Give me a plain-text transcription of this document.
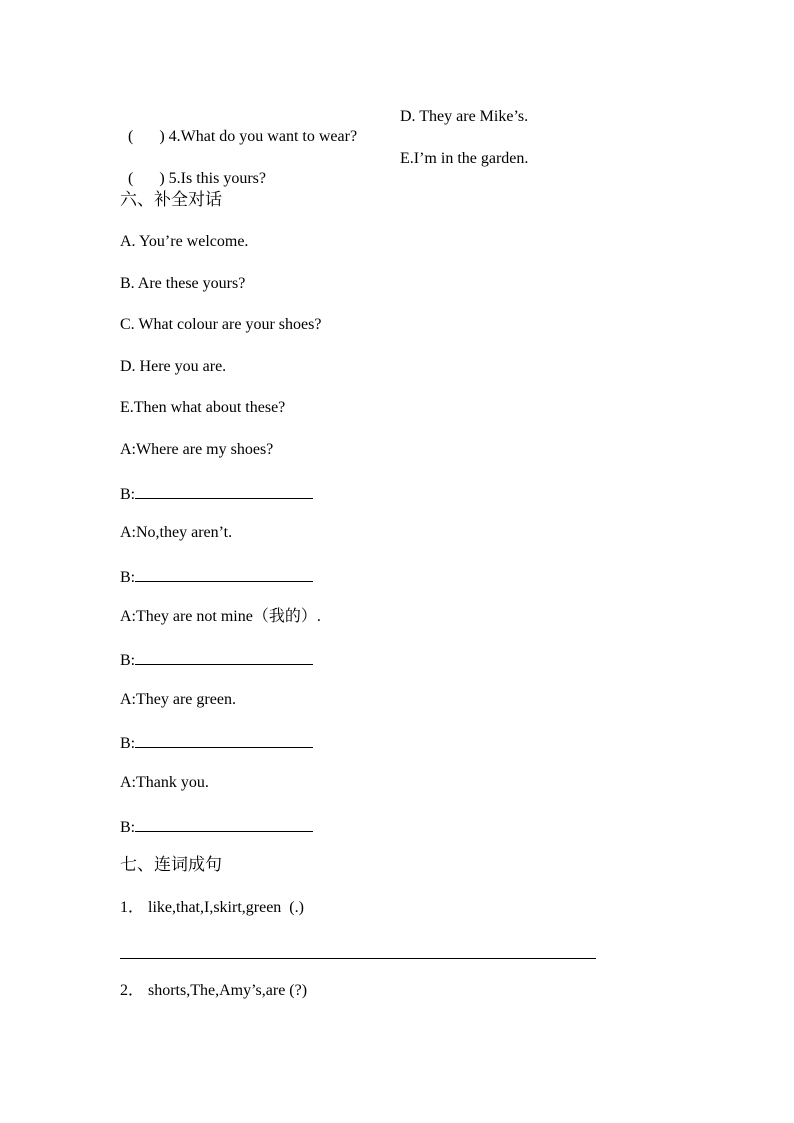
( ) 4.What do you want to wear?

D. They are Mike’s.

( ) 5.Is this yours?

E.I’m in the garden.
六、补全对话
A. You’re welcome.
B. Are these yours?
C. What colour are your shoes?
D. Here you are.
E.Then what about these?
A:Where are my shoes?
B:
A:No,they aren’t.
B:
A:They are not mine（我的）.
B:
A:They are green.
B:
A:Thank you.
B:
七、连词成句
1． like,that,I,skirt,green  (.)
2． shorts,The,Amy’s,are (?)
